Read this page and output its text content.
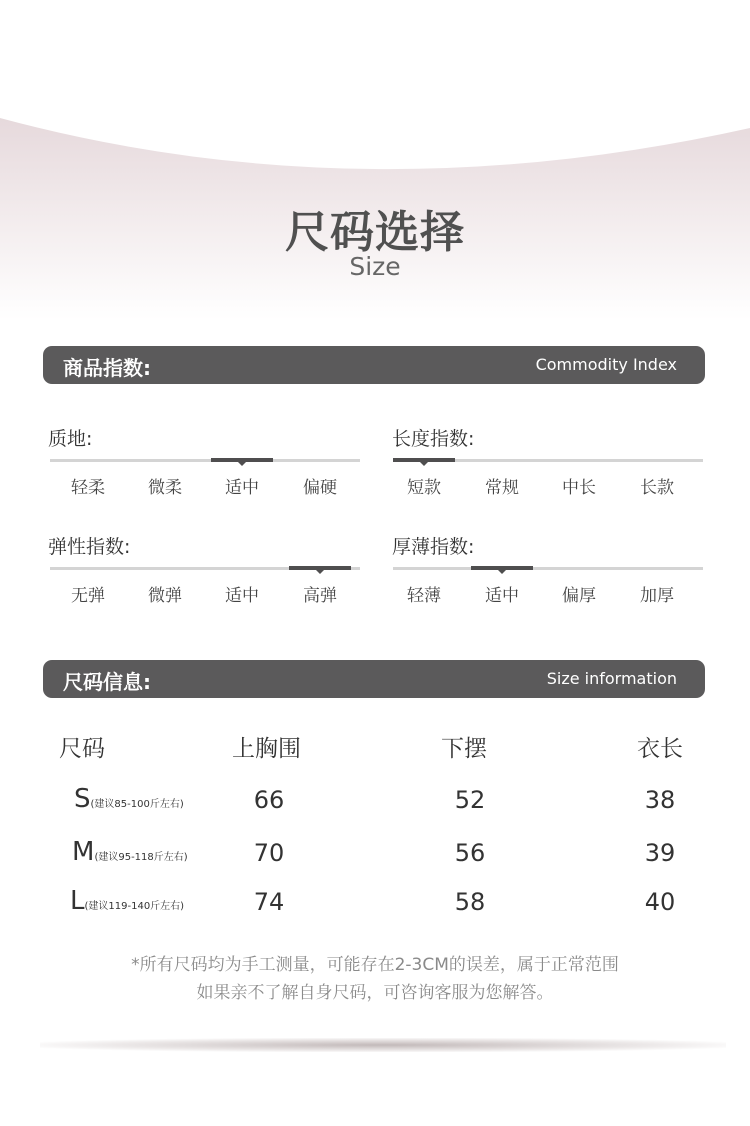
尺码选择
Size
商品指数:	Commodity Index
质地:
轻柔	微柔	适中	偏硬
长度指数:
短款	常规	中长	长款
弹性指数:
无弹	微弹	适中	高弹
厚薄指数:
轻薄	适中	偏厚	加厚
尺码信息:	Size information
尺码	上胸围	下摆	衣长
S(建议85-100斤左右)	66	52	38
M(建议95-118斤左右)	70	56	39
L(建议119-140斤左右)	74	58	40
*所有尺码均为手工测量，可能存在2-3CM的误差，属于正常范围
如果亲不了解自身尺码，可咨询客服为您解答。
